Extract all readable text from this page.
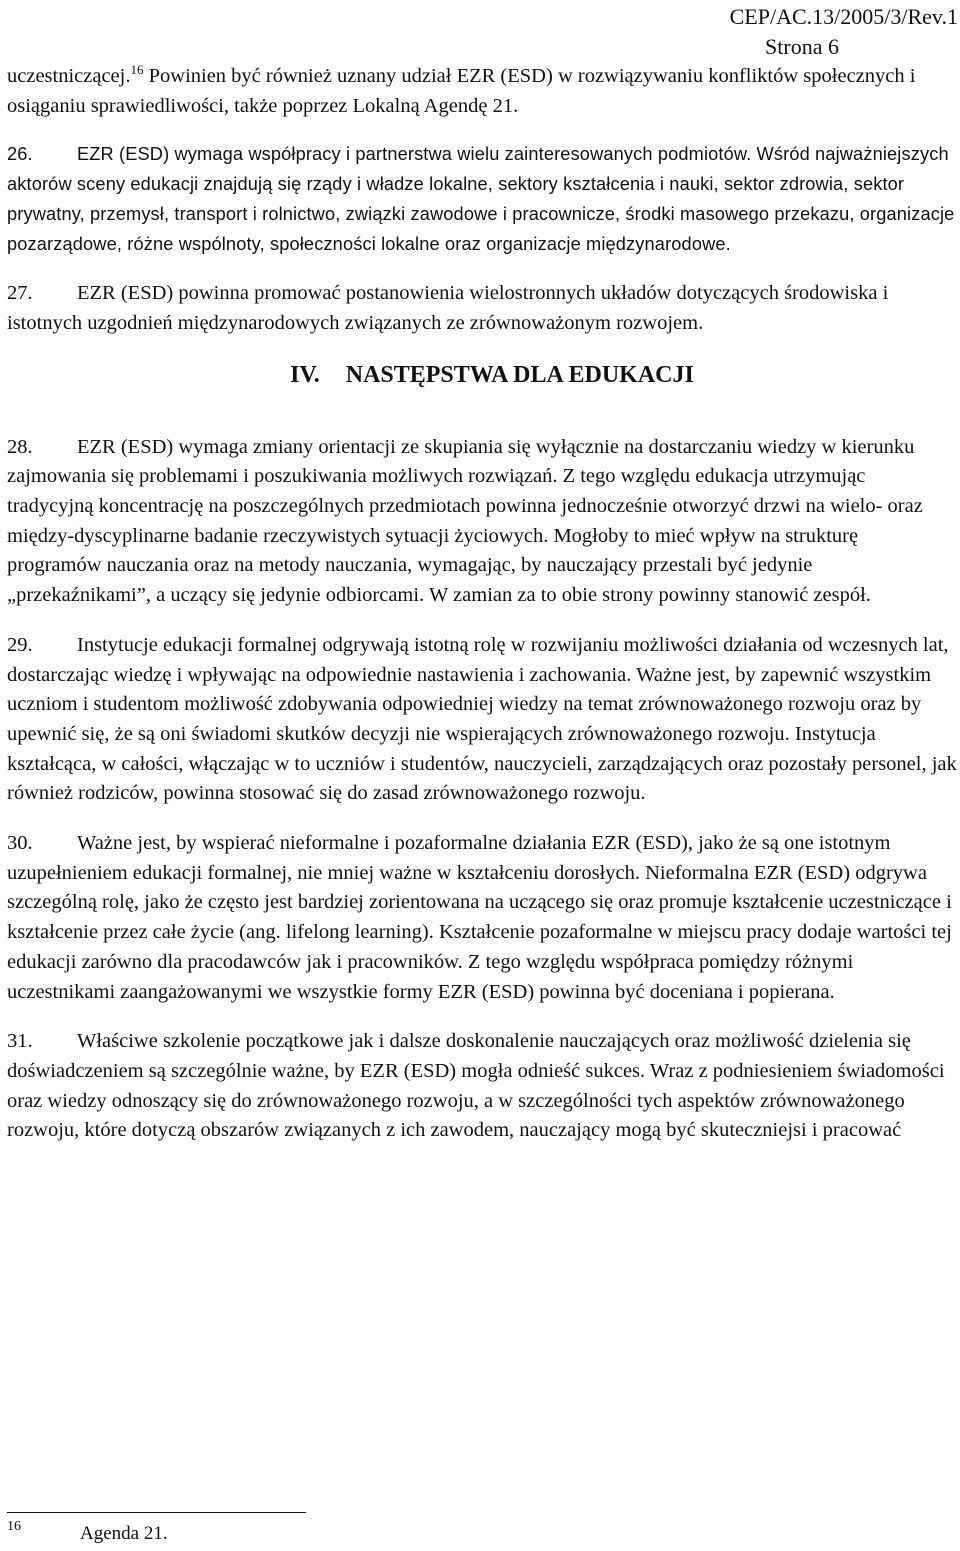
CEP/AC.13/2005/3/Rev.1
Strona 6

uczestniczącej.$^{16}$ Powinien być również uznany udział EZR (ESD) w rozwiązywaniu konfliktów społecznych i osiąganiu sprawiedliwości, także poprzez Lokalną Agendę 21.

26. EZR (ESD) wymaga współpracy i partnerstwa wielu zainteresowanych podmiotów. Wśród najważniejszych aktorów sceny edukacji znajdują się rządy i władze lokalne, sektory kształcenia i nauki, sektor zdrowia, sektor prywatny, przemysł, transport i rolnictwo, związki zawodowe i pracownicze, środki masowego przekazu, organizacje pozarządowe, różne wspólnoty, społeczności lokalne oraz organizacje międzynarodowe.

27. EZR (ESD) powinna promować postanowienia wielostronnych układów dotyczących środowiska i istotnych uzgodnień międzynarodowych związanych ze zrównoważonym rozwojem.

IV. NASTĘPSTWA DLA EDUKACJI

28. EZR (ESD) wymaga zmiany orientacji ze skupiania się wyłącznie na dostarczaniu wiedzy w kierunku zajmowania się problemami i poszukiwania możliwych rozwiązań. Z tego względu edukacja utrzymując tradycyjną koncentrację na poszczególnych przedmiotach powinna jednocześnie otworzyć drzwi na wielo- oraz między-dyscyplinarne badanie rzeczywistych sytuacji życiowych. Mogłoby to mieć wpływ na strukturę programów nauczania oraz na metody nauczania, wymagając, by nauczający przestali być jedynie „przekaźnikami”, a uczący się jedynie odbiorcami. W zamian za to obie strony powinny stanowić zespół.

29. Instytucje edukacji formalnej odgrywają istotną rolę w rozwijaniu możliwości działania od wczesnych lat, dostarczając wiedzę i wpływając na odpowiednie nastawienia i zachowania. Ważne jest, by zapewnić wszystkim uczniom i studentom możliwość zdobywania odpowiedniej wiedzy na temat zrównoważonego rozwoju oraz by upewnić się, że są oni świadomi skutków decyzji nie wspierających zrównoważonego rozwoju. Instytucja kształcąca, w całości, włączając w to uczniów i studentów, nauczycieli, zarządzających oraz pozostały personel, jak również rodziców, powinna stosować się do zasad zrównoważonego rozwoju.

30. Ważne jest, by wspierać nieformalne i pozaformalne działania EZR (ESD), jako że są one istotnym uzupełnieniem edukacji formalnej, nie mniej ważne w kształceniu dorosłych. Nieformalna EZR (ESD) odgrywa szczególną rolę, jako że często jest bardziej zorientowana na uczącego się oraz promuje kształcenie uczestniczące i kształcenie przez całe życie (ang. lifelong learning). Kształcenie pozaformalne w miejscu pracy dodaje wartości tej edukacji zarówno dla pracodawców jak i pracowników. Z tego względu współpraca pomiędzy różnymi uczestnikami zaangażowanymi we wszystkie formy EZR (ESD) powinna być doceniana i popierana.

31. Właściwe szkolenie początkowe jak i dalsze doskonalenie nauczających oraz możliwość dzielenia się doświadczeniem są szczególnie ważne, by EZR (ESD) mogła odnieść sukces. Wraz z podniesieniem świadomości oraz wiedzy odnoszący się do zrównoważonego rozwoju, a w szczególności tych aspektów zrównoważonego rozwoju, które dotyczą obszarów związanych z ich zawodem, nauczający mogą być skuteczniejsi i pracować

16	Agenda 21.
